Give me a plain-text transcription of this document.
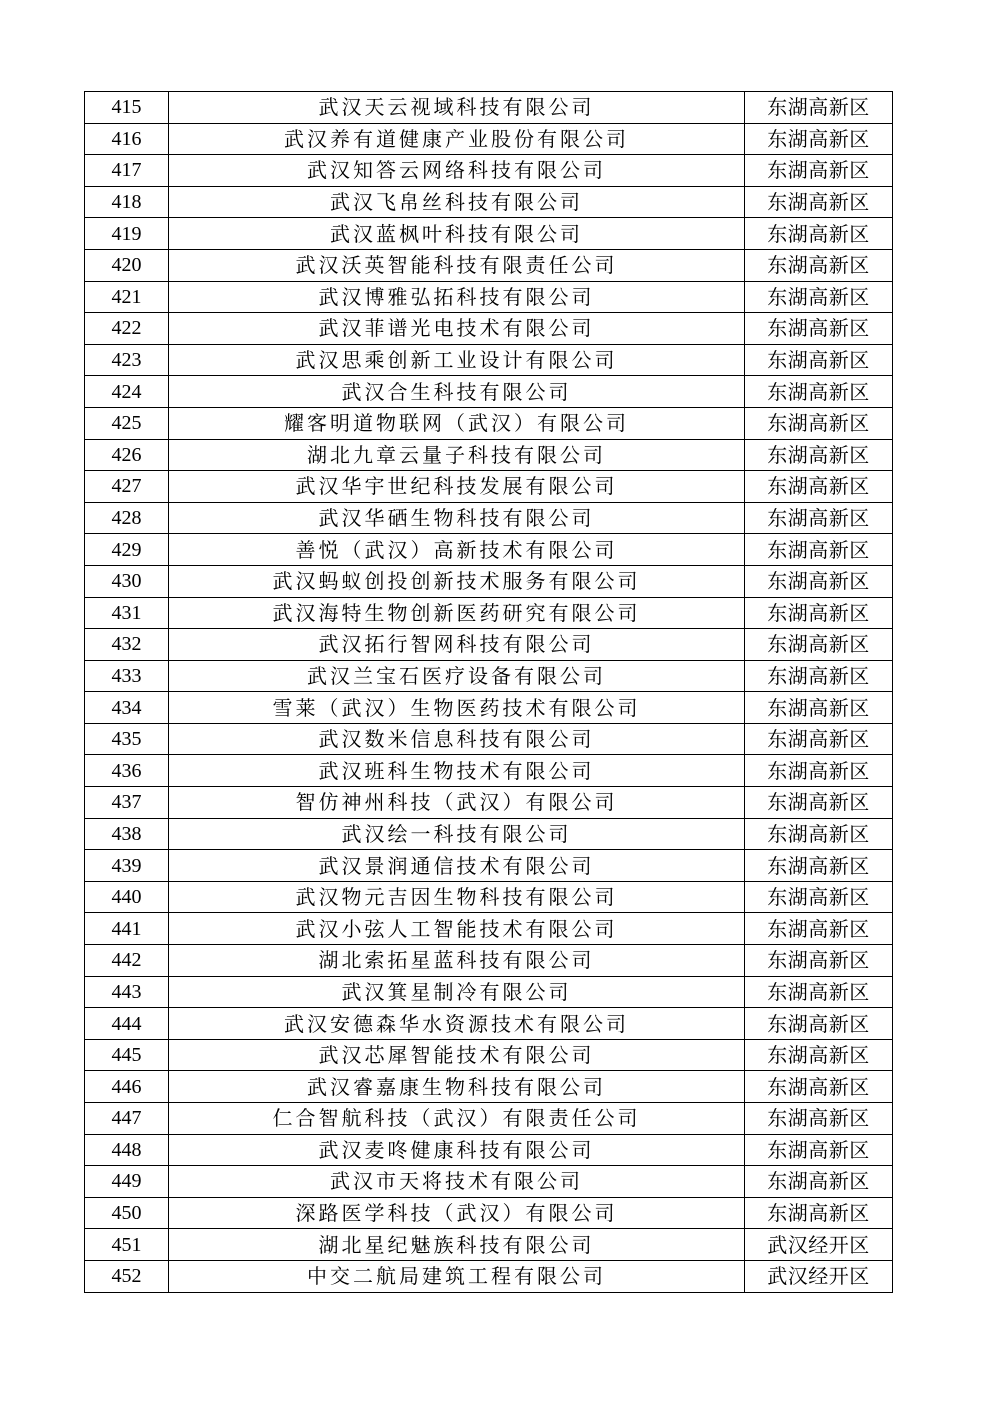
415	武汉天云视域科技有限公司	东湖高新区
416	武汉养有道健康产业股份有限公司	东湖高新区
417	武汉知答云网络科技有限公司	东湖高新区
418	武汉飞帛丝科技有限公司	东湖高新区
419	武汉蓝枫叶科技有限公司	东湖高新区
420	武汉沃英智能科技有限责任公司	东湖高新区
421	武汉博雅弘拓科技有限公司	东湖高新区
422	武汉菲谱光电技术有限公司	东湖高新区
423	武汉思乘创新工业设计有限公司	东湖高新区
424	武汉合生科技有限公司	东湖高新区
425	耀客明道物联网（武汉）有限公司	东湖高新区
426	湖北九章云量子科技有限公司	东湖高新区
427	武汉华宇世纪科技发展有限公司	东湖高新区
428	武汉华硒生物科技有限公司	东湖高新区
429	善悦（武汉）高新技术有限公司	东湖高新区
430	武汉蚂蚁创投创新技术服务有限公司	东湖高新区
431	武汉海特生物创新医药研究有限公司	东湖高新区
432	武汉拓行智网科技有限公司	东湖高新区
433	武汉兰宝石医疗设备有限公司	东湖高新区
434	雪莱（武汉）生物医药技术有限公司	东湖高新区
435	武汉数米信息科技有限公司	东湖高新区
436	武汉班科生物技术有限公司	东湖高新区
437	智仿神州科技（武汉）有限公司	东湖高新区
438	武汉绘一科技有限公司	东湖高新区
439	武汉景润通信技术有限公司	东湖高新区
440	武汉物元吉因生物科技有限公司	东湖高新区
441	武汉小弦人工智能技术有限公司	东湖高新区
442	湖北索拓星蓝科技有限公司	东湖高新区
443	武汉箕星制冷有限公司	东湖高新区
444	武汉安德森华水资源技术有限公司	东湖高新区
445	武汉芯犀智能技术有限公司	东湖高新区
446	武汉睿嘉康生物科技有限公司	东湖高新区
447	仁合智航科技（武汉）有限责任公司	东湖高新区
448	武汉麦咚健康科技有限公司	东湖高新区
449	武汉市天将技术有限公司	东湖高新区
450	深路医学科技（武汉）有限公司	东湖高新区
451	湖北星纪魅族科技有限公司	武汉经开区
452	中交二航局建筑工程有限公司	武汉经开区
